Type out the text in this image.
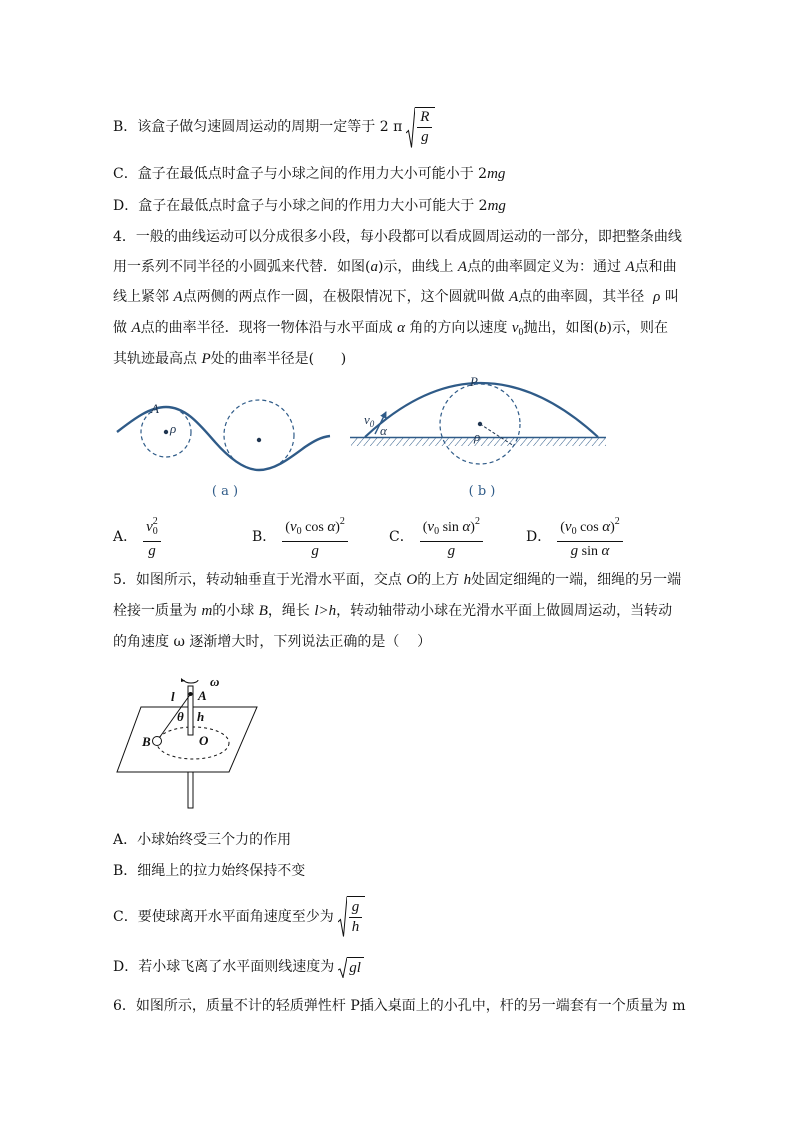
B．该盒子做匀速圆周运动的周期一定等于 2 π $\frac{R}{g}$
C．盒子在最低点时盒子与小球之间的作用力大小可能小于 2mg
D．盒子在最低点时盒子与小球之间的作用力大小可能大于 2mg
4．一般的曲线运动可以分成很多小段，每小段都可以看成圆周运动的一部分，即把整条曲线
用一系列不同半径的小圆弧来代替．如图(a)示，曲线上 A点的曲率圆定义为：通过 A点和曲
线上紧邻 A点两侧的两点作一圆，在极限情况下，这个圆就叫做 A点的曲率圆，其半径  ρ 叫
做 A点的曲率半径．现将一物体沿与水平面成 α 角的方向以速度 $v_0$抛出，如图(b)示，则在
其轨迹最高点 P处的曲率半径是(      )
A
ρ
( a )
P
ρ
$v_0$ α
( b )
A． $\frac{v_0^2}{g}$	B． $\frac{(v_0 \cos \alpha)^2}{g}$	C． $\frac{(v_0 \sin \alpha)^2}{g}$	D． $\frac{(v_0 \cos \alpha)^2}{\text{g sin α}}$
5．如图所示，转动轴垂直于光滑水平面，交点 O的上方 h处固定细绳的一端，细绳的另一端
栓接一质量为 m的小球 B，绳长 l>h，转动轴带动小球在光滑水平面上做圆周运动，当转动
的角速度 ω 逐渐增大时，下列说法正确的是（    ）
ω
l A
θ h
B	O
A．小球始终受三个力的作用
B．细绳上的拉力始终保持不变
C．要使球离开水平面角速度至少为 $\frac{g}{h}$
D．若小球飞离了水平面则线速度为 gl
6．如图所示，质量不计的轻质弹性杆 P插入桌面上的小孔中，杆的另一端套有一个质量为 m
